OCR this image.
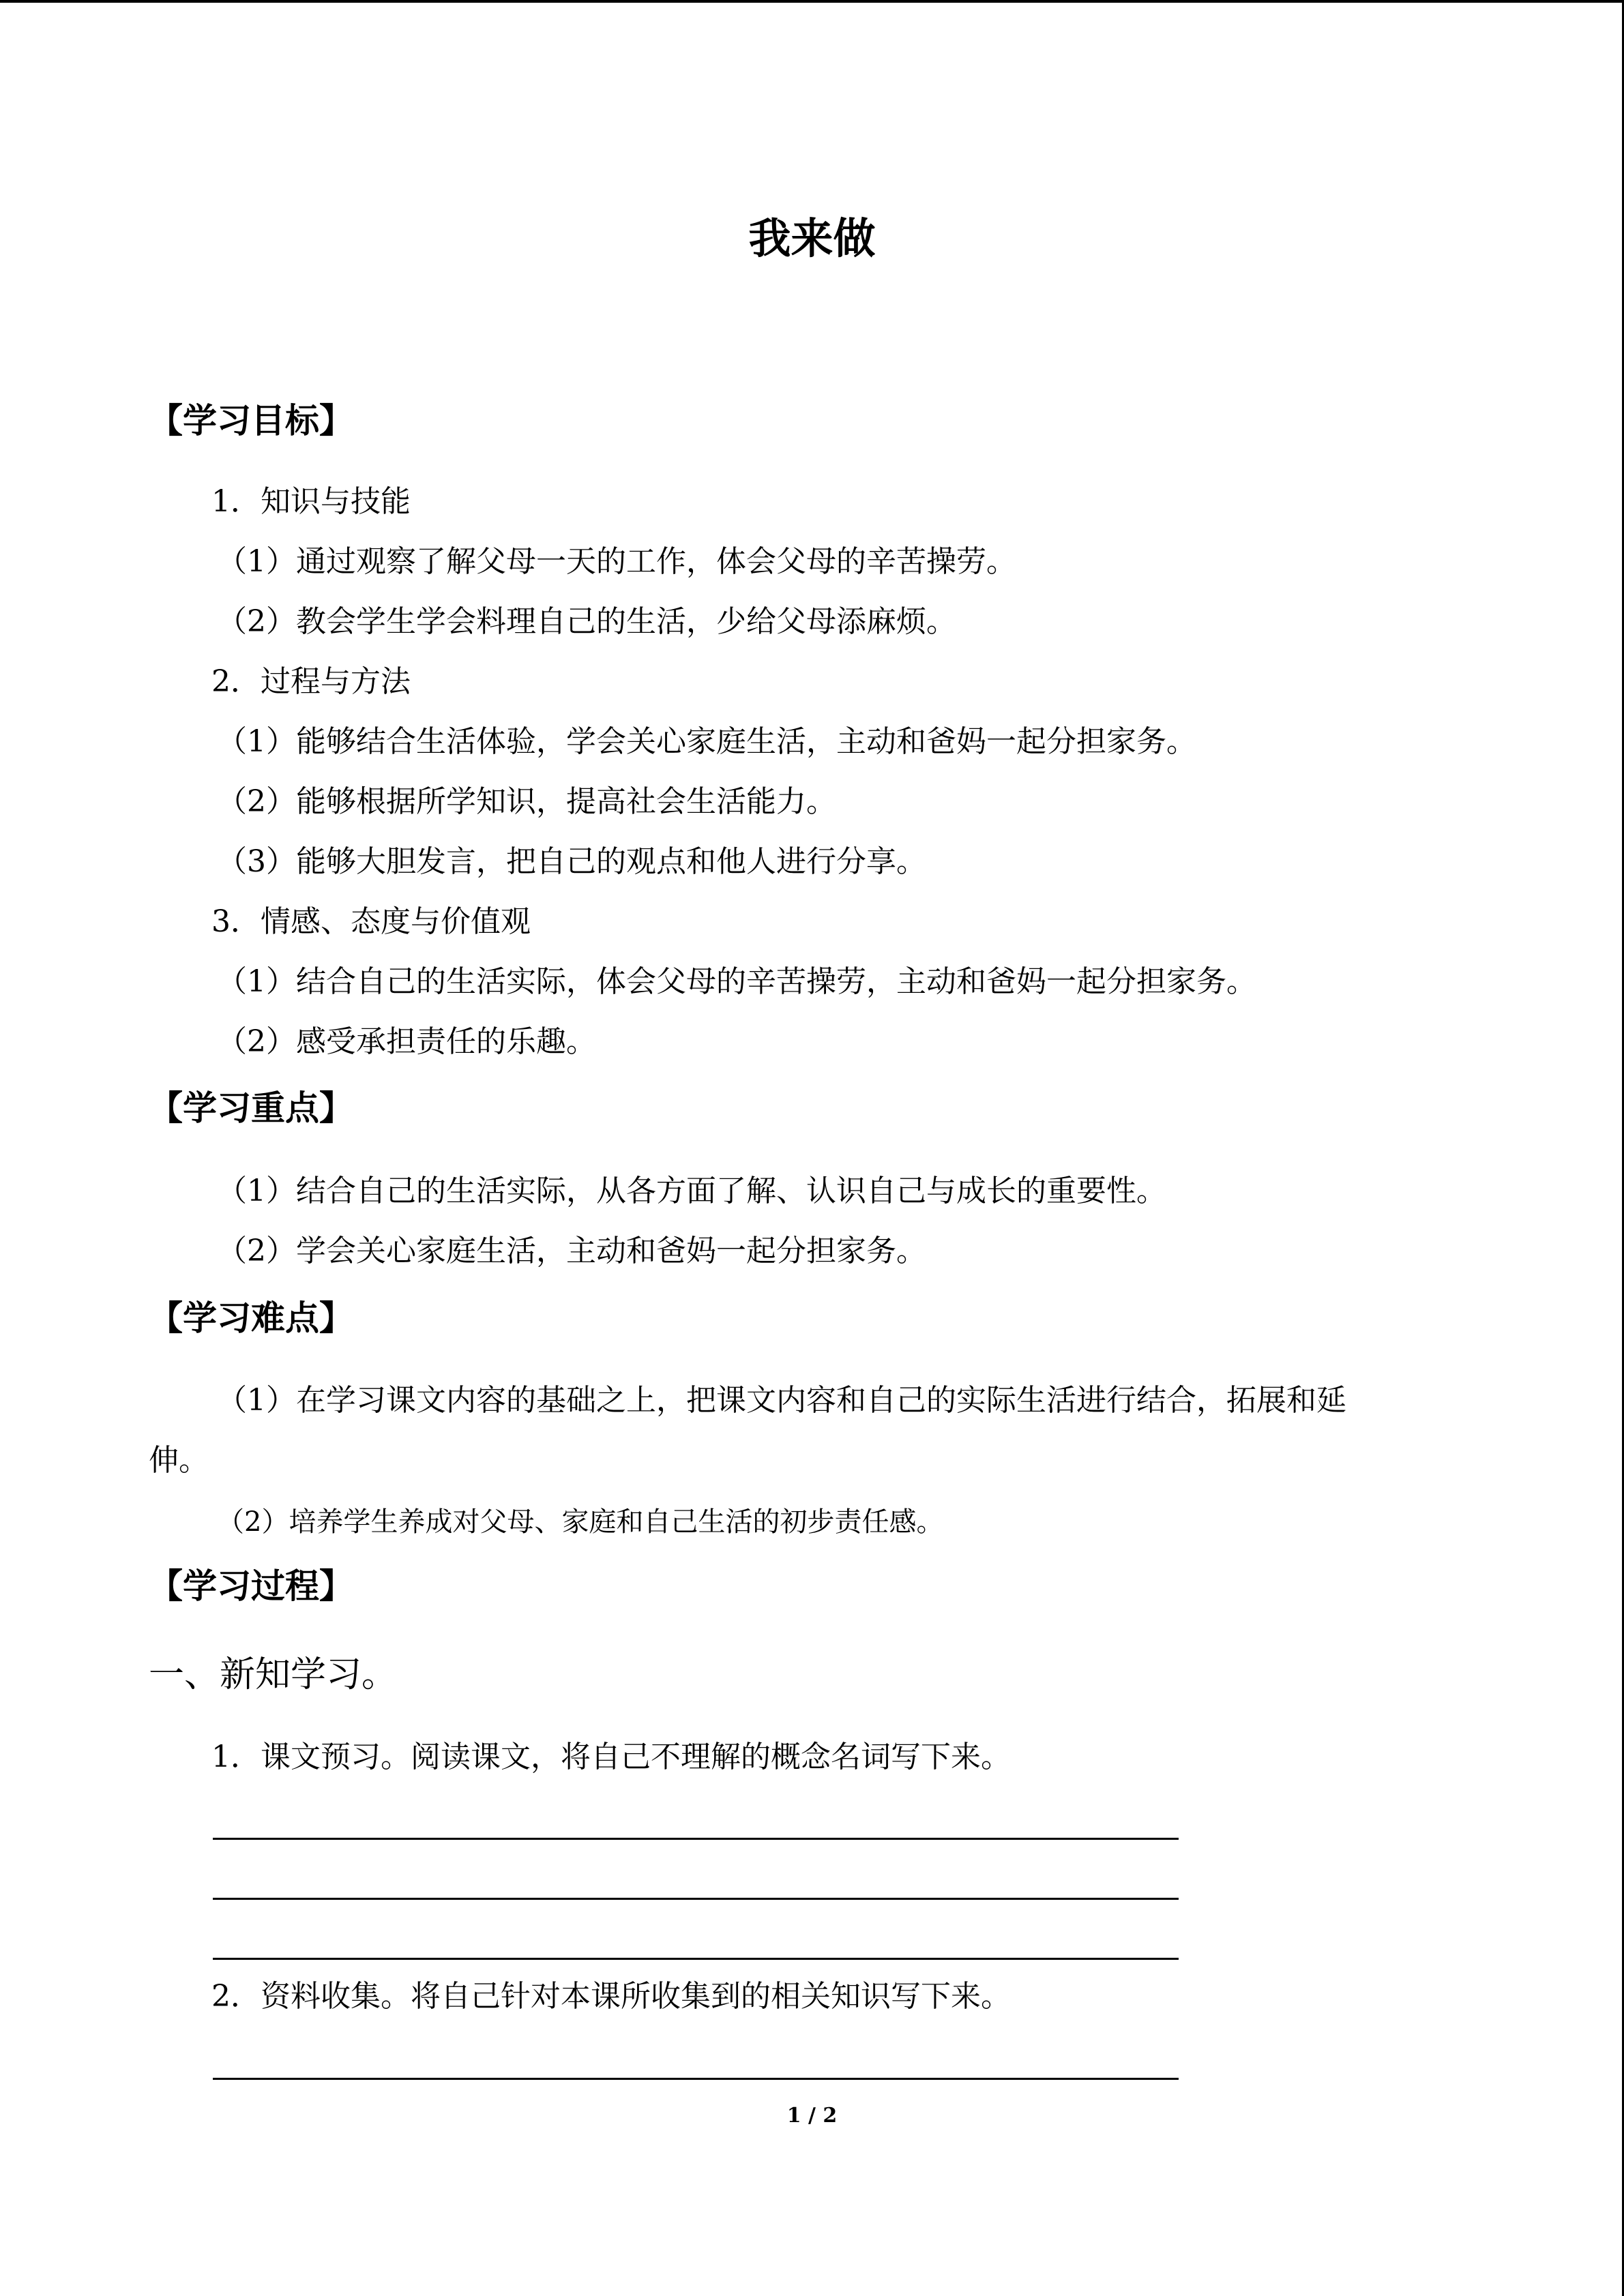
我来做
【学习目标】
1．知识与技能
（1）通过观察了解父母一天的工作，体会父母的辛苦操劳。
（2）教会学生学会料理自己的生活，少给父母添麻烦。
2．过程与方法
（1）能够结合生活体验，学会关心家庭生活，主动和爸妈一起分担家务。
（2）能够根据所学知识，提高社会生活能力。
（3）能够大胆发言，把自己的观点和他人进行分享。
3．情感、态度与价值观
（1）结合自己的生活实际，体会父母的辛苦操劳，主动和爸妈一起分担家务。
（2）感受承担责任的乐趣。
【学习重点】
（1）结合自己的生活实际，从各方面了解、认识自己与成长的重要性。
（2）学会关心家庭生活，主动和爸妈一起分担家务。
【学习难点】
（1）在学习课文内容的基础之上，把课文内容和自己的实际生活进行结合，拓展和延
伸。
（2）培养学生养成对父母、家庭和自己生活的初步责任感。
【学习过程】
一、新知学习。
1．课文预习。阅读课文，将自己不理解的概念名词写下来。
2．资料收集。将自己针对本课所收集到的相关知识写下来。
1 / 2
